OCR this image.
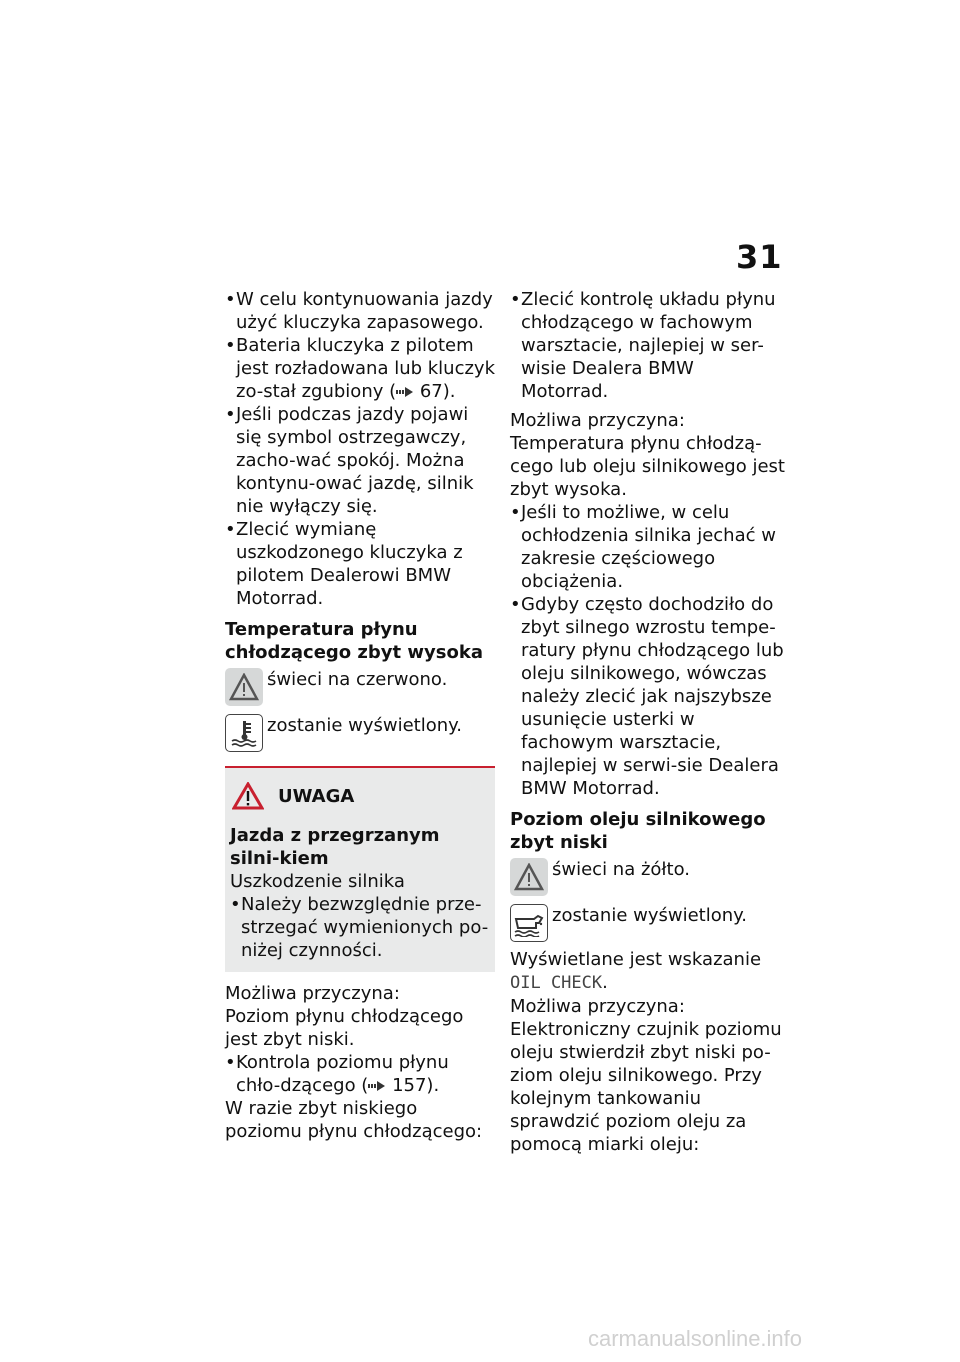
31
• W celu kontynuowania jazdy użyć kluczyka zapasowego.
• Bateria kluczyka z pilotem jest rozładowana lub kluczyk zo-stał zgubiony ( 67).
• Jeśli podczas jazdy pojawi się symbol ostrzegawczy, zacho-wać spokój. Można kontynu-ować jazdę, silnik nie wyłączy się.
• Zlecić wymianę uszkodzonego kluczyka z pilotem Dealerowi BMW Motorrad.

Temperatura płynu chłodzącego zbyt wysoka

świeci na czerwono.
zostanie wyświetlony.
UWAGA

Jazda z przegrzanym silni-kiem

Uszkodzenie silnika

• Należy bezwzględnie prze-strzegać wymienionych po-niżej czynności.

Możliwa przyczyna:

Poziom płynu chłodzącego jest zbyt niski.

• Kontrola poziomu płynu chło-dzącego ( 157).

W razie zbyt niskiego poziomu płynu chłodzącego:

• Zlecić kontrolę układu płynu chłodzącego w fachowym warsztacie, najlepiej w ser-wisie Dealera BMW Motorrad.

Możliwa przyczyna:

Temperatura płynu chłodzą-cego lub oleju silnikowego jest zbyt wysoka.

• Jeśli to możliwe, w celu ochłodzenia silnika jechać w zakresie częściowego obciążenia.
• Gdyby często dochodziło do zbyt silnego wzrostu tempe-ratury płynu chłodzącego lub oleju silnikowego, wówczas należy zlecić jak najszybsze usunięcie usterki w fachowym warsztacie, najlepiej w serwi-sie Dealera BMW Motorrad.

Poziom oleju silnikowego zbyt niski

świeci na żółto.
zostanie wyświetlony.

Wyświetlane jest wskazanie

OIL CHECK.

Możliwa przyczyna:

Elektroniczny czujnik poziomu oleju stwierdził zbyt niski po-ziom oleju silnikowego. Przy kolejnym tankowaniu sprawdzić poziom oleju za pomocą miarki oleju:

carmanualsonline.info
